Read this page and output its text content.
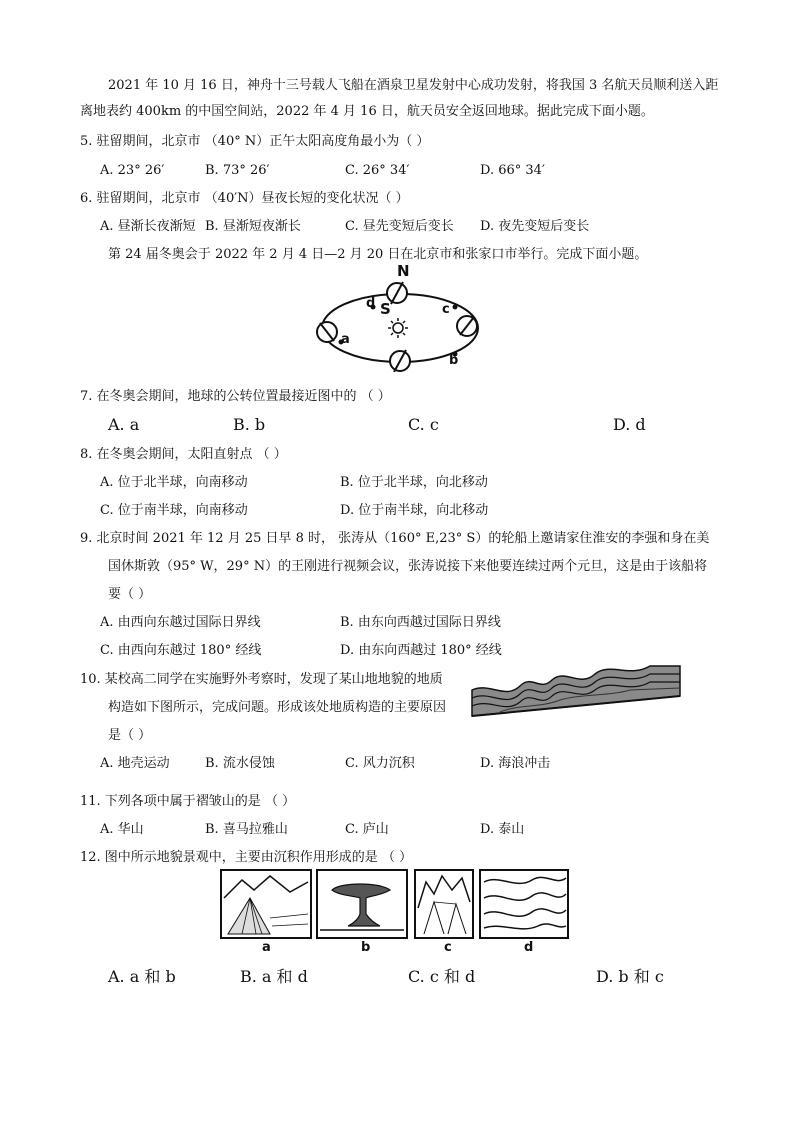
2021 年 10 月 16 日，神舟十三号载人飞船在酒泉卫星发射中心成功发射，将我国 3 名航天员顺利送入距
离地表约 400km 的中国空间站，2022 年 4 月 16 日，航天员安全返回地球。据此完成下面小题。
5. 驻留期间，北京市 （40° N）正午太阳高度角最小为（ ）
A. 23° 26′	B. 73° 26′	C. 26° 34′	D. 66° 34′
6. 驻留期间，北京市 （40′N）昼夜长短的变化状况（ ）
A. 昼渐长夜渐短 B. 昼渐短夜渐长	C. 昼先变短后变长 D. 夜先变短后变长
第 24 届冬奥会于 2022 年 2 月 4 日—2 月 20 日在北京市和张家口市举行。完成下面小题。
N
S
d
a
b
c
7. 在冬奥会期间，地球的公转位置最接近图中的 （ ）
A. a	B. b	C. c	D. d
8. 在冬奥会期间，太阳直射点 （ ）
A. 位于北半球，向南移动	B. 位于北半球，向北移动
C. 位于南半球，向南移动	D. 位于南半球，向北移动
9. 北京时间 2021 年 12 月 25 日早 8 时， 张涛从（160° E,23° S）的轮船上邀请家住淮安的李强和身在美
国休斯敦（95° W，29° N）的王刚进行视频会议，张涛说接下来他要连续过两个元旦，这是由于该船将
要（ ）
A. 由西向东越过国际日界线	B. 由东向西越过国际日界线
C. 由西向东越过 180° 经线	D. 由东向西越过 180° 经线
10. 某校高二同学在实施野外考察时，发现了某山地地貌的地质
构造如下图所示，完成问题。形成该处地质构造的主要原因
是（ ）
A. 地壳运动	B. 流水侵蚀	C. 风力沉积	D. 海浪冲击
11. 下列各项中属于褶皱山的是 （ ）
A. 华山	B. 喜马拉雅山	C. 庐山	D. 泰山
12. 图中所示地貌景观中，主要由沉积作用形成的是 （ ）
a	b	c	d
A. a 和 b	B. a 和 d	C. c 和 d	D. b 和 c
